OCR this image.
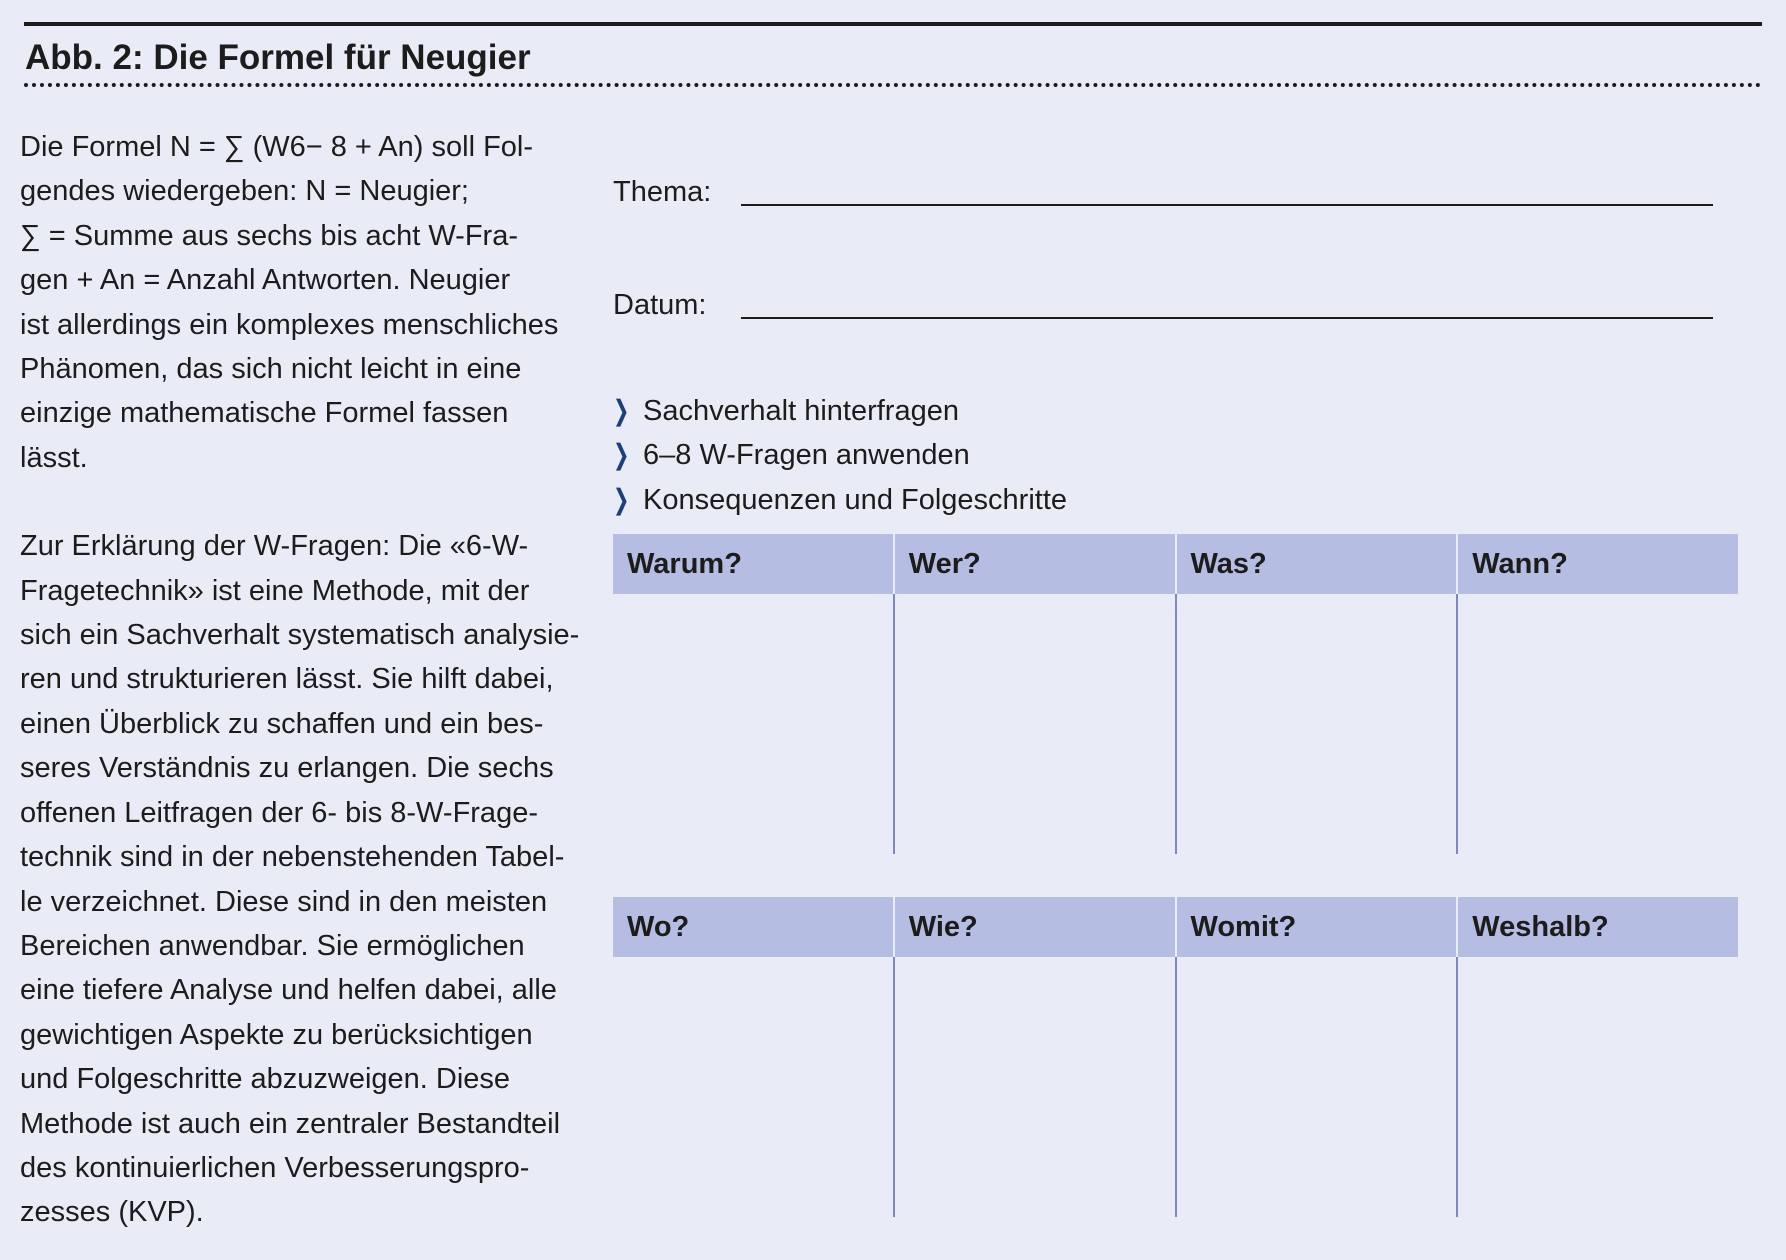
Abb. 2: Die Formel für Neugier
Die Formel N = ∑ (W6− 8 + An) soll Fol-
gendes wiedergeben: N = Neugier;
∑ = Summe aus sechs bis acht W-Fra-
gen + An = Anzahl Antworten. Neugier
ist allerdings ein komplexes menschliches
Phänomen, das sich nicht leicht in eine
einzige mathematische Formel fassen
lässt.
Zur Erklärung der W-Fragen: Die «6-W-
Fragetechnik» ist eine Methode, mit der
sich ein Sachverhalt systematisch analysie-
ren und strukturieren lässt. Sie hilft dabei,
einen Überblick zu schaffen und ein bes-
seres Verständnis zu erlangen. Die sechs
offenen Leitfragen der 6- bis 8-W-Frage-
technik sind in der nebenstehenden Tabel-
le verzeichnet. Diese sind in den meisten
Bereichen anwendbar. Sie ermöglichen
eine tiefere Analyse und helfen dabei, alle
gewichtigen Aspekte zu berücksichtigen
und Folgeschritte abzuzweigen. Diese
Methode ist auch ein zentraler Bestandteil
des kontinuierlichen Verbesserungspro-
zesses (KVP).
Thema:
Datum:
❯ Sachverhalt hinterfragen
❯ 6–8 W-Fragen anwenden
❯ Konsequenzen und Folgeschritte
Warum?	Wer?	Was?	Wann?
Wo?	Wie?	Womit?	Weshalb?
